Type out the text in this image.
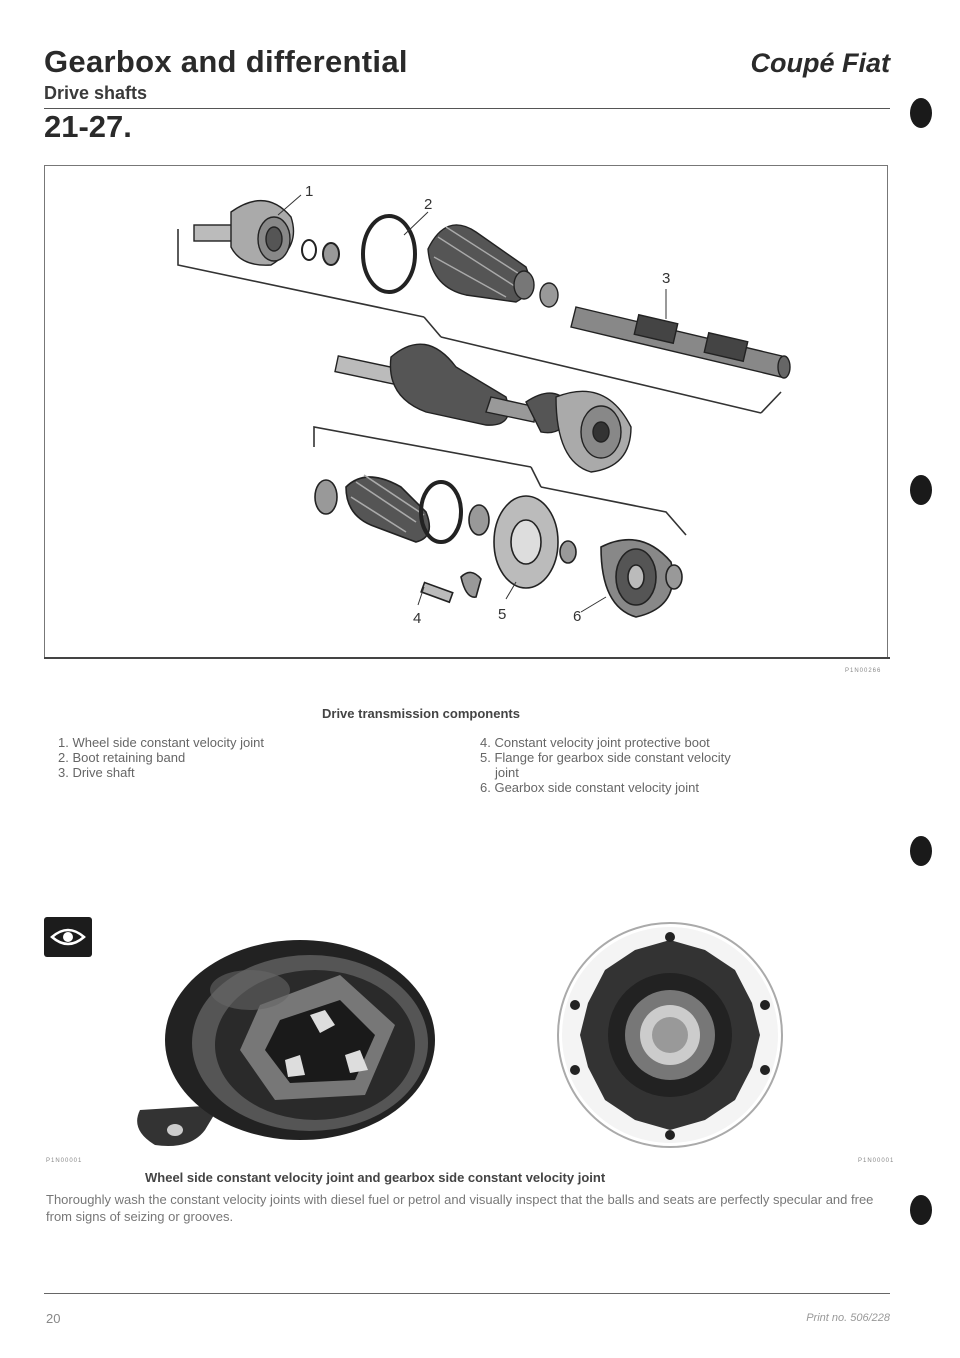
Gearbox and differential	Coupé Fiat
Drive shafts
21-27.
1
2
3
4	5	6
P1N00266
Drive transmission components
1. Wheel side constant velocity joint
2. Boot retaining band
3. Drive shaft
4. Constant velocity joint protective boot
5. Flange for gearbox side constant velocity
joint
6. Gearbox side constant velocity joint
P1N00001	P1N00001
Wheel side constant velocity joint and gearbox side constant velocity joint
Thoroughly wash the constant velocity joints with diesel fuel or petrol and visually inspect that the balls and seats are perfectly specular and free from signs of seizing or grooves.
20	Print no. 506/228
